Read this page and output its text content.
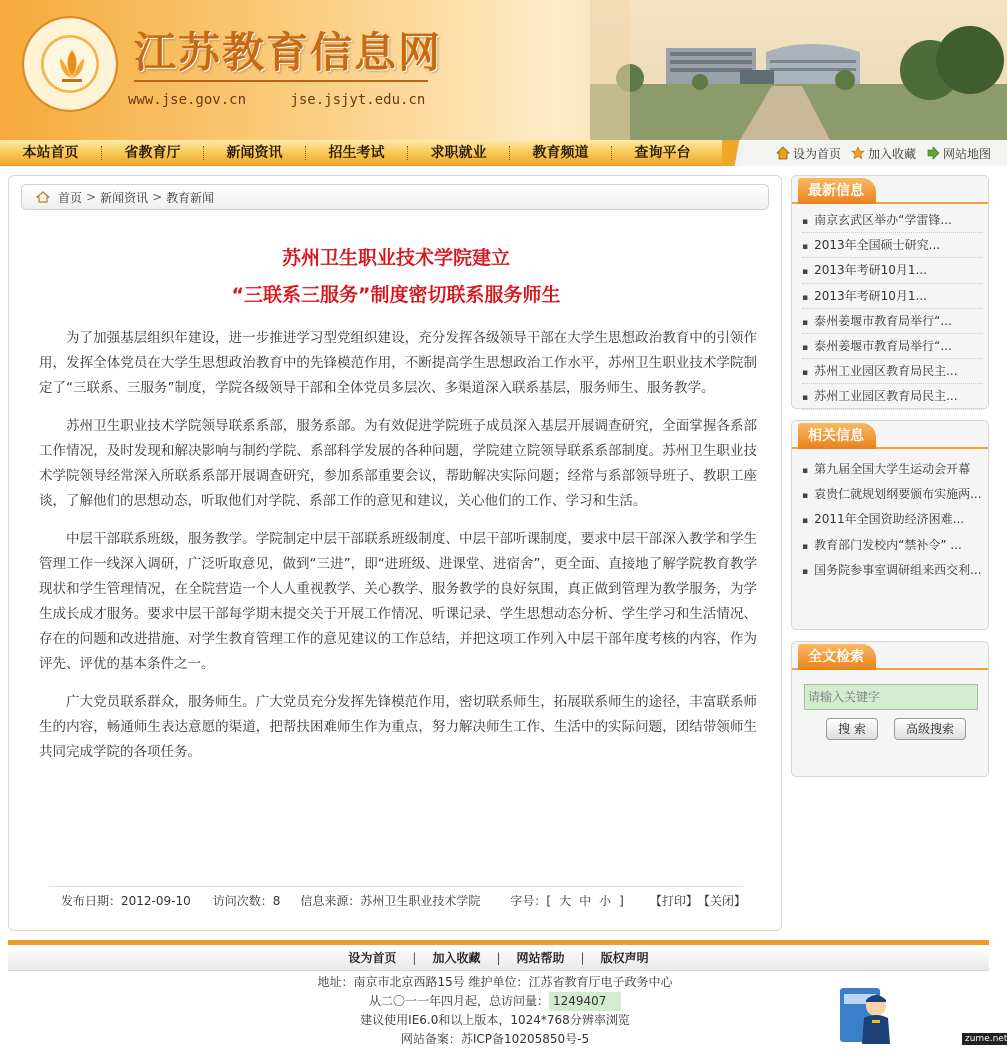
江苏教育信息网
www.jse.gov.cn	jse.jsjyt.edu.cn
本站首页	省教育厅	新闻资讯	招生考试	求职就业	教育频道	查询平台	设为首页 加入收藏 网站地图
首页 > 新闻资讯 > 教育新闻
苏州卫生职业技术学院建立
“三联系三服务”制度密切联系服务师生

为了加强基层组织年建设，进一步推进学习型党组织建设，充分发挥各级领导干部在大学生思想政治教育中的引领作用，发挥全体党员在大学生思想政治教育中的先锋模范作用，不断提高学生思想政治工作水平，苏州卫生职业技术学院制定了“三联系、三服务”制度，学院各级领导干部和全体党员多层次、多渠道深入联系基层，服务师生、服务教学。

苏州卫生职业技术学院领导联系系部，服务系部。为有效促进学院班子成员深入基层开展调查研究，全面掌握各系部工作情况，及时发现和解决影响与制约学院、系部科学发展的各种问题，学院建立院领导联系系部制度。苏州卫生职业技术学院领导经常深入所联系系部开展调查研究，参加系部重要会议，帮助解决实际问题；经常与系部领导班子、教职工座谈，了解他们的思想动态，听取他们对学院、系部工作的意见和建议，关心他们的工作、学习和生活。

中层干部联系班级，服务教学。学院制定中层干部联系班级制度、中层干部听课制度，要求中层干部深入教学和学生管理工作一线深入调研，广泛听取意见，做到“三进”，即“进班级、进课堂、进宿舍”，更全面、直接地了解学院教育教学现状和学生管理情况，在全院营造一个人人重视教学、关心教学、服务教学的良好氛围，真正做到管理为教学服务，为学生成长成才服务。要求中层干部每学期末提交关于开展工作情况、听课记录、学生思想动态分析、学生学习和生活情况、存在的问题和改进措施、对学生教育管理工作的意见建议的工作总结，并把这项工作列入中层干部年度考核的内容，作为评先、评优的基本条件之一。

广大党员联系群众，服务师生。广大党员充分发挥先锋模范作用，密切联系师生，拓展联系师生的途径，丰富联系师生的内容，畅通师生表达意愿的渠道，把帮扶困难师生作为重点，努力解决师生工作、生活中的实际问题，团结带领师生共同完成学院的各项任务。

发布日期：2012-09-10 访问次数：8 信息来源：苏州卫生职业技术学院	字号：[ 大 中 小 ] 【打印】 【关闭】
最新信息
▪ 南京玄武区举办“学雷锋...
▪ 2013年全国硕士研究...
▪ 2013年考研10月1...
▪ 2013年考研10月1...
▪ 泰州姜堰市教育局举行“...
▪ 泰州姜堰市教育局举行“...
▪ 苏州工业园区教育局民主...
▪ 苏州工业园区教育局民主...
相关信息
▪ 第九届全国大学生运动会开幕
▪ 袁贵仁就规划纲要颁布实施两...
▪ 2011年全国资助经济困难...
▪ 教育部门发校内“禁补令” ...
▪ 国务院参事室调研组来西交利...
全文检索
请输入关键字
搜 索	高级搜索
设为首页 | 加入收藏 | 网站帮助 | 版权声明
地址：南京市北京西路15号 维护单位：江苏省教育厅电子政务中心
从二〇一一年四月起，总访问量： 1249407
建议使用IE6.0和以上版本，1024*768分辨率浏览
网站备案：苏ICP备10205850号-5	zume.net
